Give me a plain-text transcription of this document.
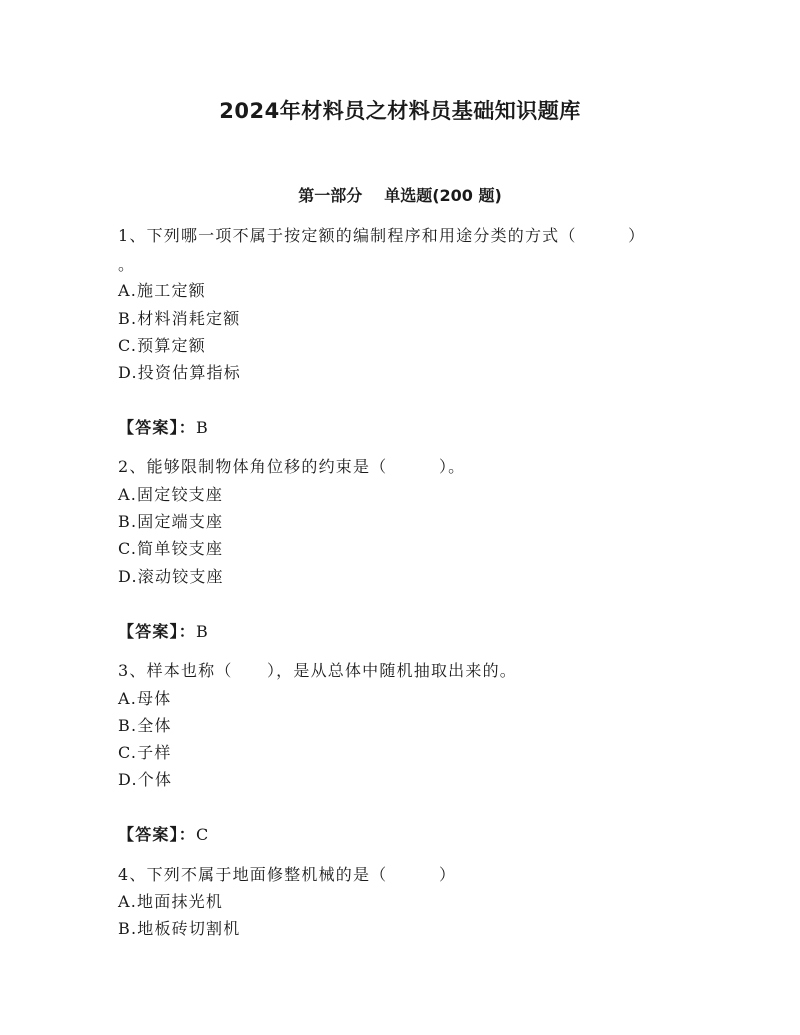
2024年材料员之材料员基础知识题库
第一部分 单选题(200 题)
1、下列哪一项不属于按定额的编制程序和用途分类的方式（　　　）
。
A.施工定额
B.材料消耗定额
C.预算定额
D.投资估算指标
【答案】：B
2、能够限制物体角位移的约束是（　　　）。
A.固定铰支座
B.固定端支座
C.简单铰支座
D.滚动铰支座
【答案】：B
3、样本也称（　　），是从总体中随机抽取出来的。
A.母体
B.全体
C.子样
D.个体
【答案】：C
4、下列不属于地面修整机械的是（　　　）
A.地面抹光机
B.地板砖切割机
